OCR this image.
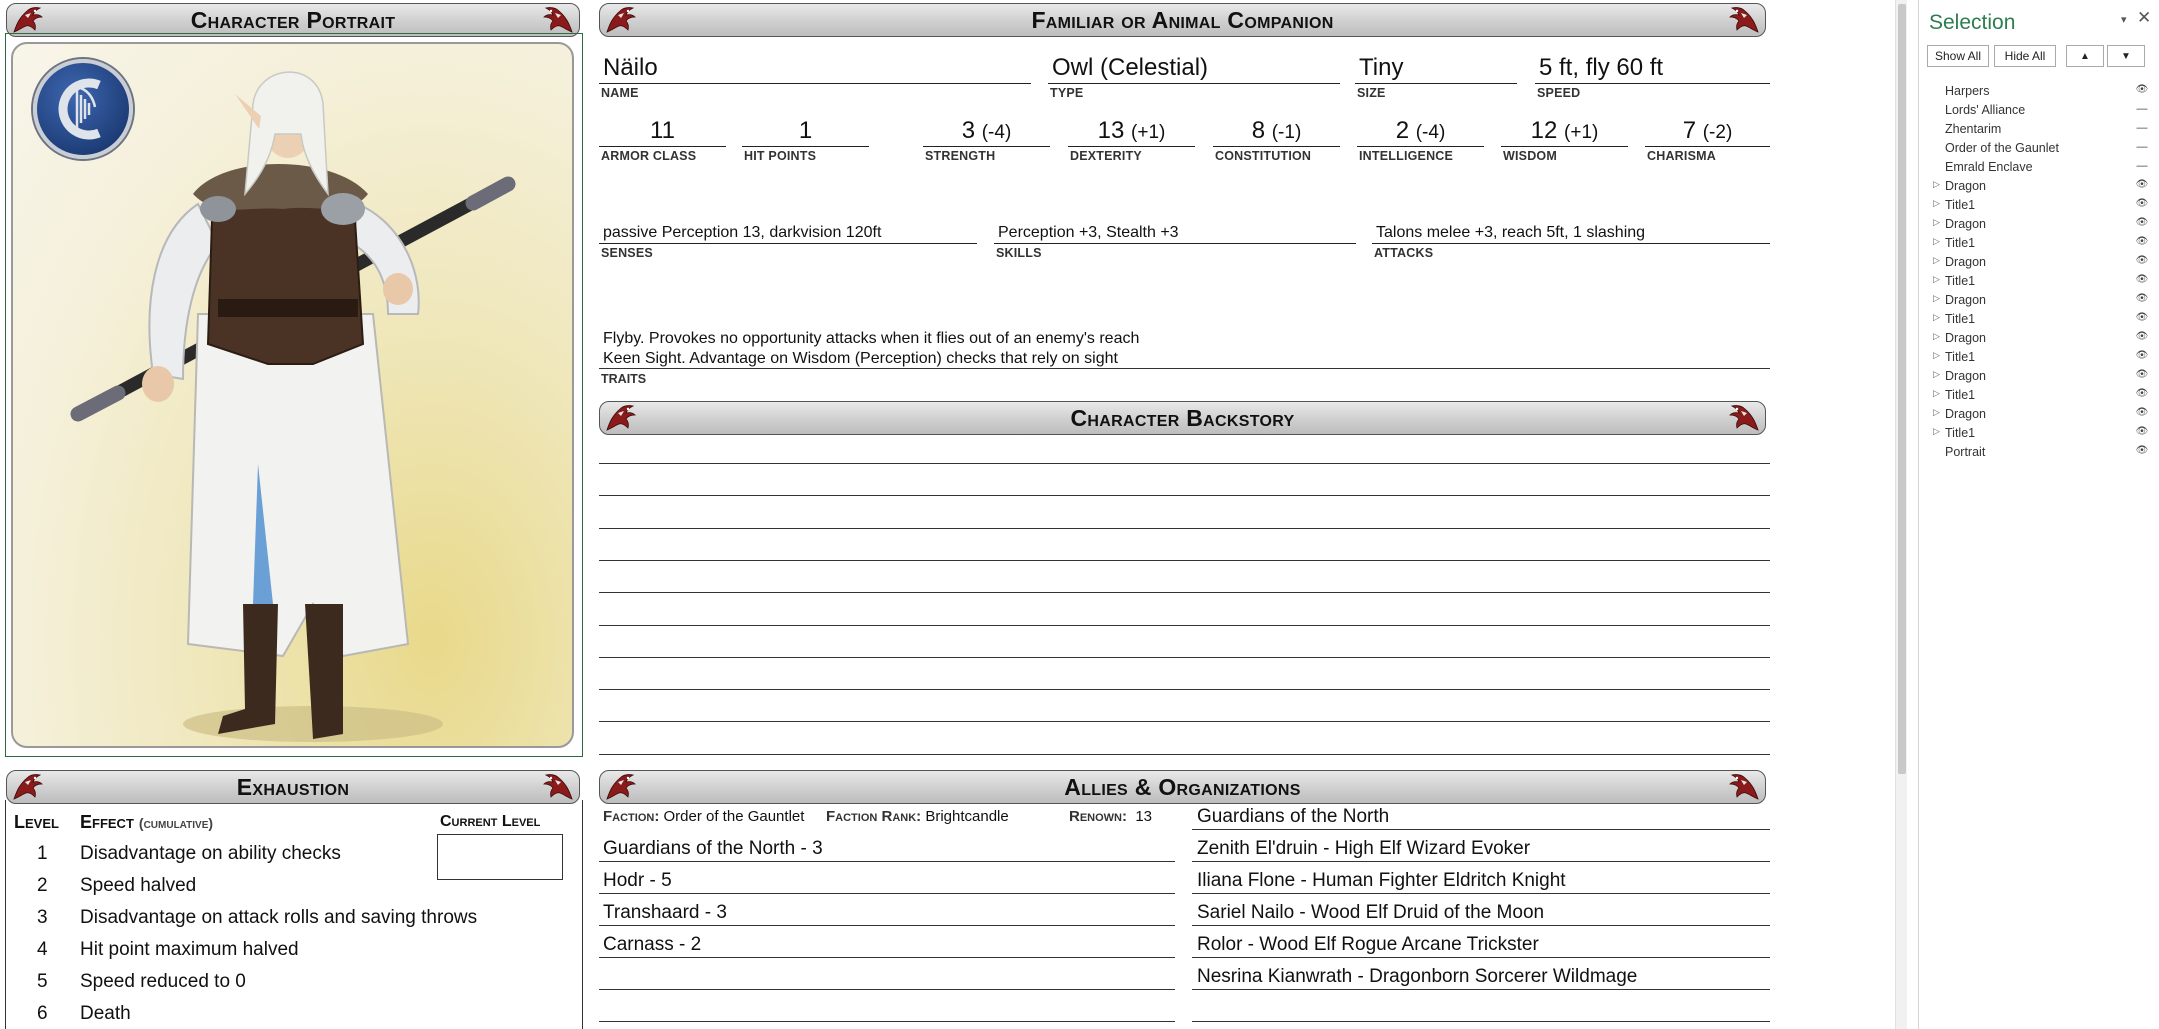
Character Portrait	Familiar or Animal Companion
Näilo
NAME
Owl (Celestial)
TYPE
Tiny
SIZE
5 ft, fly 60 ft
SPEED
11
ARMOR CLASS
1
HIT POINTS
3 (-4)
STRENGTH
13 (+1)
DEXTERITY
8 (-1)
CONSTITUTION
2 (-4)
INTELLIGENCE
12 (+1)
WISDOM
7 (-2)
CHARISMA
passive Perception 13, darkvision 120ft
SENSES
Perception +3, Stealth +3
SKILLS
Talons melee +3, reach 5ft, 1 slashing
ATTACKS
Flyby. Provokes no opportunity attacks when it flies out of an enemy's reach
Keen Sight. Advantage on Wisdom (Perception) checks that rely on sight
TRAITS
Character Backstory
Exhaustion
Level Effect (cumulative)	Current Level
1 Disadvantage on ability checks
2 Speed halved
3 Disadvantage on attack rolls and saving throws
4 Hit point maximum halved
5 Speed reduced to 0
6 Death
Allies & Organizations
Faction: Order of the Gauntlet Faction Rank: Brightcandle	Renown: 13
Guardians of the North - 3
Hodr - 5
Transhaard - 3
Carnass - 2
Guardians of the North
Zenith El'druin - High Elf Wizard Evoker
Iliana Flone - Human Fighter Eldritch Knight
Sariel Nailo - Wood Elf Druid of the Moon
Rolor - Wood Elf Rogue Arcane Trickster
Nesrina Kianwrath - Dragonborn Sorcerer Wildmage
Selection	▾ ✕
Show All	Hide All	▲	▼
Harpers	👁
Lords' Alliance	—
Zhentarim	—
Order of the Gaunlet	—
Emrald Enclave	—
▷ Dragon	👁
▷ Title1	👁
▷ Dragon	👁
▷ Title1	👁
▷ Dragon	👁
▷ Title1	👁
▷ Dragon	👁
▷ Title1	👁
▷ Dragon	👁
▷ Title1	👁
▷ Dragon	👁
▷ Title1	👁
▷ Dragon	👁
▷ Title1	👁
Portrait	👁
